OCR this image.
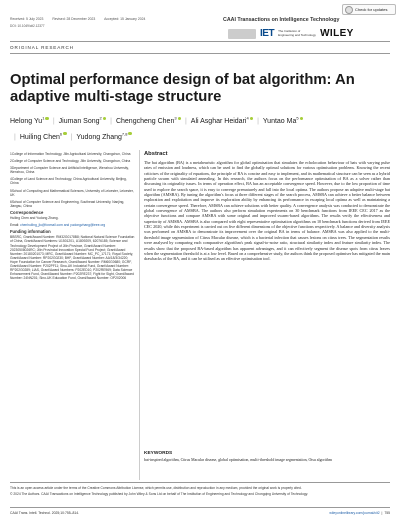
Received: 5 July 2023	Revised: 28 December 2023	Accepted: 15 January 2024
DOI: 10.1049/cit2.12377
CAAI Transactions on Intelligence Technology
Check for updates
IET The Institution of Engineering and Technology WILEY
ORIGINAL RESEARCH
Optimal performance design of bat algorithm: An adaptive multi-stage structure
Helong Yu$^1$ | Jiuman Song$^2$ | Chengcheng Chen$^3$ | Ali Asghar Heidari$^4$ | Yuntao Ma$^5$| Huiling Chen$^6$ | Yudong Zhang$^{7,8}$

1College of Information Technology, Jilin Agricultural University, Changchun, China

2College of Computer Science and Technology, Jilin University, Changchun, China

3Department of Computer Science and Artificial Intelligence, Wenzhou University, Wenzhou, China

4College of Land Science and Technology, China Agricultural University, Beijing, China

5School of Computing and Mathematical Sciences, University of Leicester, Leicester, UK

6School of Computer Science and Engineering, Southeast University, Nanjing, Jiangsu, China

Correspondence

Huiling Chen and Yudong Zhang.

Email: chenhuiling_jlu@foxmail.com and yudongzhang@ieee.org

Funding information

BBSRC, Grant/Award Number: RM32G0178B8; National Natural Science Foundation of China, Grant/Award Numbers: U1501201, U1809209, 62076185; Science and Technology Development Project of Jilin Province, Grant/Award Number: 20230508026RC; Jilin Provincial Innovation Special Fund Project; Grant/Award Number: 20180201073; MRC, Grant/Award Number: MC_PC_17171; Royal Society, Grant/Award Number: RP202G0230; BHF, Grant/Award Number: AA/18/3/34220; Hope Foundation for Cancer Research, Grant/Award Number: RM60G0680; GCRF, Grant/Award Number: P202PF11; Sino-UK Industrial Fund, Grant/Award Number: RP202G0289; LIAS, Grant/Award Numbers: P202ED10, P202RE969; Data Science Enhancement Fund, Grant/Award Number: P202RE237; Fight for Sight, Grant/Award Number: 24NN201; Sino-UK Education Fund, Grant/Award Number: OP202006

Abstract
The bat algorithm (BA) is a metaheuristic algorithm for global optimisation that simulates the echolocation behaviour of bats with varying pulse rates of emission and loudness, which can be used to find the globally optimal solutions for various optimisation problems. Knowing the recent criticises of the originality of equations, the principle of BA is concise and easy to implement, and its mathematical structure can be seen as a hybrid particle swarm with simulated annealing. In this research, the authors focus on the performance optimisation of BA as a solver rather than discussing its originality issues. In terms of operation effect, BA has an acceptable convergence speed. However, due to the low proportion of time used to explore the search space, it is easy to converge prematurely and fall into the local optima. The authors propose an adaptive multi-stage bat algorithm (AMSBA). By tuning the algorithm's focus at three different stages of the search process, AMSBA can achieve a better balance between exploration and exploitation and improve its exploration ability by enhancing its performance in escaping local optima as well as maintaining a certain convergence speed. Therefore, AMSBA can achieve solutions with better quality. A convergence analysis was conducted to demonstrate the global convergence of AMSBA. The authors also perform simulation experiments on 30 benchmark functions from IEEE CEC 2017 as the objective functions and compare AMSBA with some original and improved swarm-based algorithms. The results verify the effectiveness and superiority of AMSBA. AMSBA is also compared with eight representative optimisation algorithms on 10 benchmark functions derived from IEEE CEC 2020, while this experiment is carried out on five different dimensions of the objective functions respectively. A balance and diversity analysis was performed on AMSBA to demonstrate its improvement over the original BA in terms of balance. AMSBA was also applied to the multi-threshold image segmentation of Citrus Macular disease, which is a bacterial infection that causes lesions on citrus trees. The segmentation results were analysed by comparing each comparative algorithm's peak signal-to-noise ratio, structural similarity index and feature similarity index. The results show that the proposed BA-based algorithm has apparent advantages, and it can effectively segment the disease spots from citrus leaves when the segmentation threshold is at a low level. Based on a comprehensive study, the authors think the proposed optimiser has mitigated the main drawbacks of the BA, and it can be utilised as an effective optimisation tool.
KEYWORDS
bat-inspired algorithm, Citrus Macular disease, global optimisation, multi-threshold image segmentation, Otsu algorithm
This is an open access article under the terms of the Creative Commons Attribution License, which permits use, distribution and reproduction in any medium, provided the original work is properly cited.
© 2024 The Authors. CAAI Transactions on Intelligence Technology published by John Wiley & Sons Ltd on behalf of The Institution of Engineering and Technology and Chongqing University of Technology.
CAAI Trans. Intell. Technol. 2025;10:755–814.	wileyonlinelibrary.com/journal/cit2  |  755
